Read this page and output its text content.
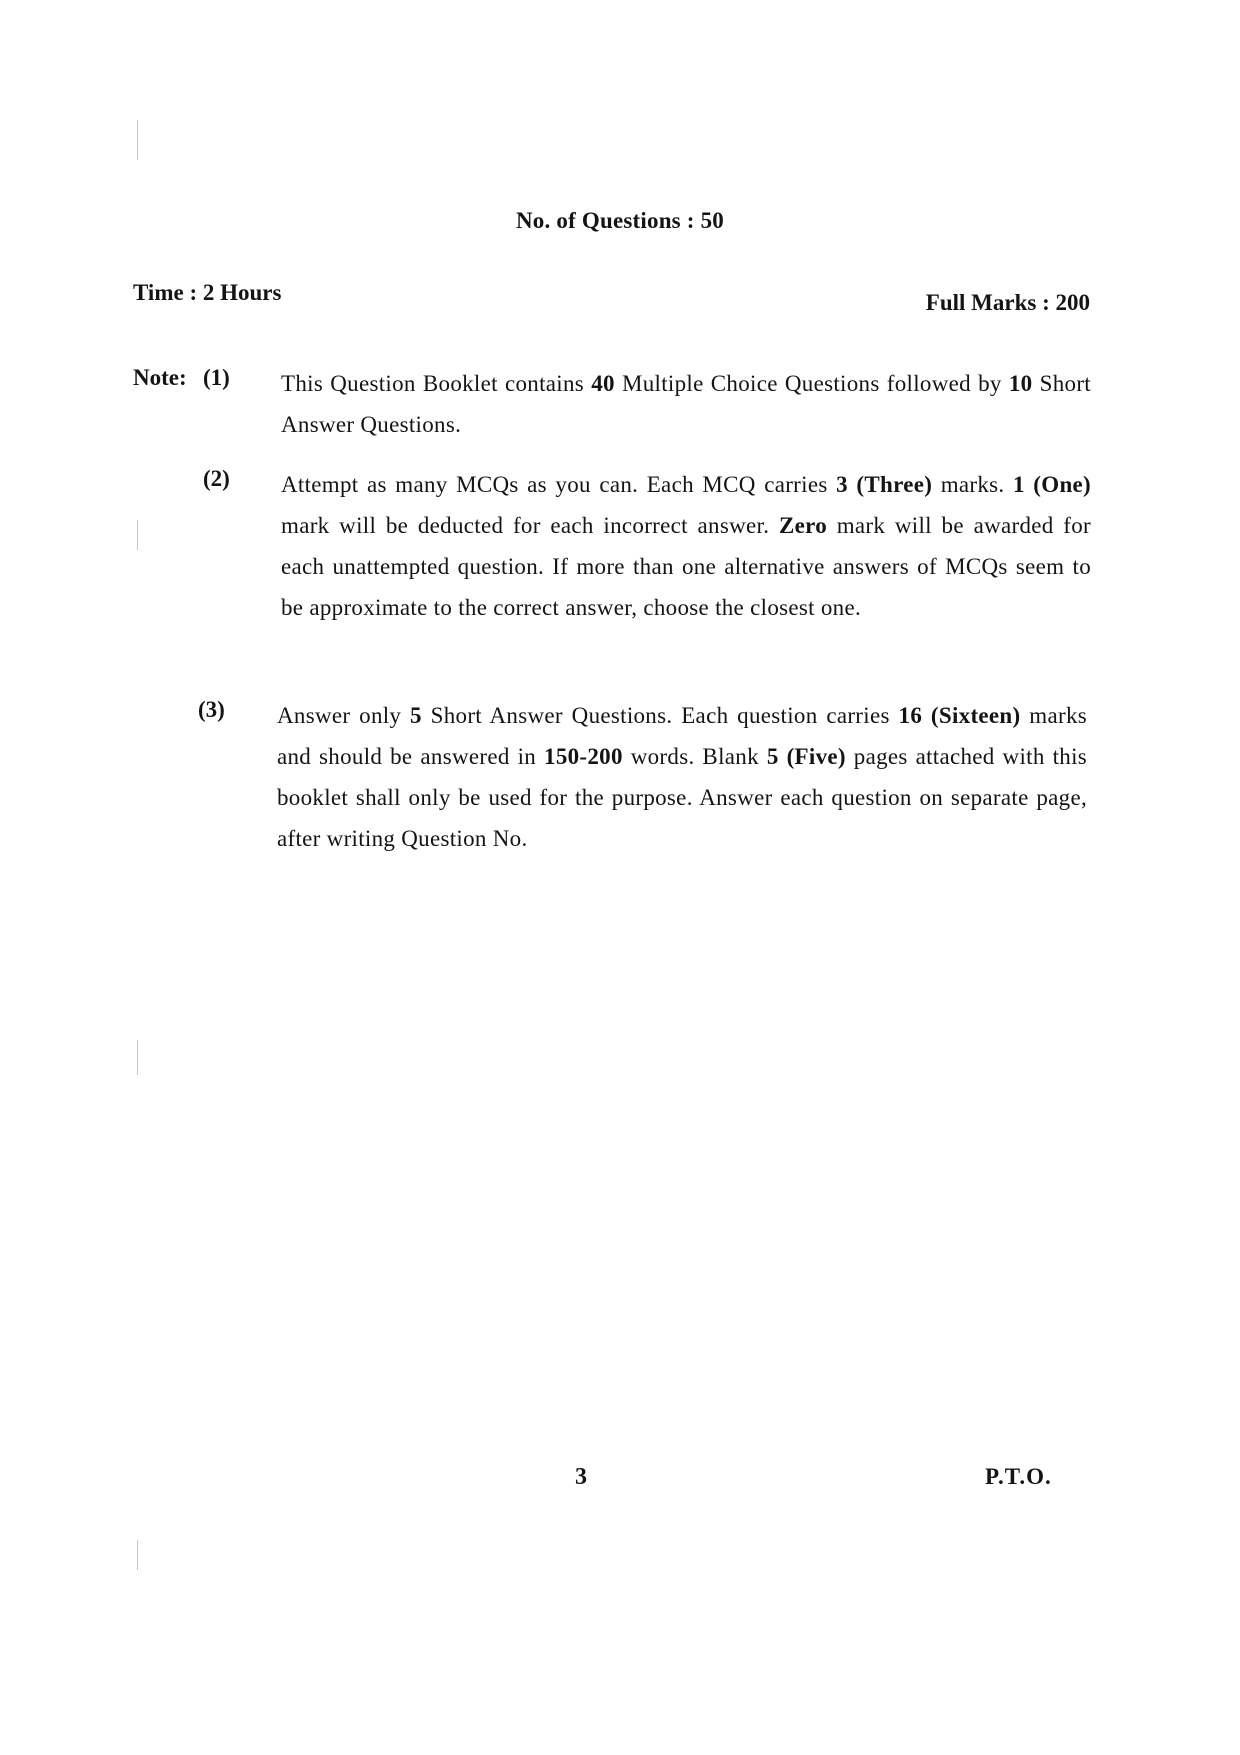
No. of Questions : 50
Time : 2 Hours	Full Marks : 200
Note: (1) This Question Booklet contains 40 Multiple Choice Questions followed by 10 Short Answer Questions.
(2) Attempt as many MCQs as you can. Each MCQ carries 3 (Three) marks. 1 (One) mark will be deducted for each incorrect answer. Zero mark will be awarded for each unattempted question. If more than one alternative answers of MCQs seem to be approximate to the correct answer, choose the closest one.
(3) Answer only 5 Short Answer Questions. Each question carries 16 (Sixteen) marks and should be answered in 150-200 words. Blank 5 (Five) pages attached with this booklet shall only be used for the purpose. Answer each question on separate page, after writing Question No.
3	P.T.O.
